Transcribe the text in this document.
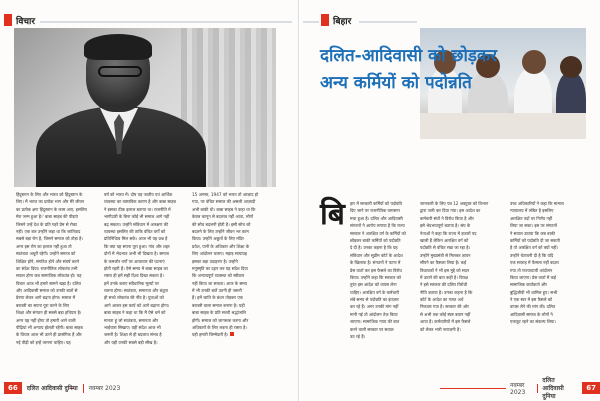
विचार
हिंदुस्तान के लिए और भारत को हिंदुस्तान के
लिए। मैं भारत का प्रत्येक भाग और मेरे जीवन
का प्रत्येक क्षण हिंदुस्तान के काम आए, इसलिए
मेरा जन्म हुआ है।' बाबा साहब की पीड़ाएं
जिसने उन्हें देश के प्रति गहरे प्रेम से रोका
नहीं। एक बार उन्होंने कहा था कि जातिवाद
सबसे बड़ा रोग है, जिसने समाज को तोड़ा है।
अगर इस रोग का इलाज नहीं हुआ तो
स्वतंत्रता अधूरी रहेगी। उन्होंने समाज को
शिक्षित होने, संगठित होने और संघर्ष करने
का संदेश दिया। राजनीतिक लोकतंत्र तभी
सफल होगा जब सामाजिक लोकतंत्र हो। यह
विचार आज भी हमारे सामने खड़ा है। दलित
और आदिवासी समाज को उनकी बातों से
प्रेरणा लेकर आगे बढ़ना होगा। समाज में
बराबरी का सपना पूरा करने के लिए
शिक्षा और संगठन ही सबसे बड़ा हथियार है।
अगर यह नहीं होगा तो हमारी आने वाली
पीढ़ियां भी अन्याय झेलती रहेंगी। बाबा साहब
के विचार आज भी उतने ही प्रासंगिक हैं और
नई पीढ़ी को इन्हें जानना चाहिए। यह
वर्ष को भारत में। दोष यह जातीय एवं आर्थिक
व्यवस्था का वास्तविक कारण है और बाबा साहब
ने इसका ठीक इलाज बताया था। राजनीति में
भागीदारी के बिना कोई भी समाज आगे नहीं
बढ़ सकता। उन्होंने संविधान में आरक्षण की
व्यवस्था इसलिए की ताकि वंचित वर्गों को
प्रतिनिधित्व मिल सके। आज भी यह प्रश्न है
कि क्या वह सपना पूरा हुआ। गांव और शहर
दोनों में भेदभाव अभी भी दिखता है। समाज
के कमजोर वर्गों पर अत्याचार की घटनाएं
होती रहती हैं। ऐसे समय में बाबा साहब का
रास्ता ही हमें सही दिशा दिखा सकता है।
हमें उनके बताए संवैधानिक मूल्यों पर
चलना होगा। स्वतंत्रता, समानता और बंधुता
ही सच्चे लोकतंत्र की नींव है। युवाओं को
आगे आकर इस कार्य को आगे बढ़ाना होगा।
बाबा साहब ने कहा था कि मैं ऐसे धर्म को
मानता हूं जो स्वतंत्रता, समानता और
भाईचारा सिखाए। यही संदेश आज भी
जरूरी है। शिक्षा से ही बदलाव संभव है
और यही उनकी सबसे बड़ी सीख है।
15 अगस्त, 1947 को भारत तो आज़ाद हो
गया, पर वंचित समाज की असली आज़ादी
अभी बाकी थी। बाबा साहब ने कहा था कि
केवल कानून से बदलाव नहीं आता, लोगों
की सोच बदलनी होती है। इसी सोच को
बदलने के लिए उन्होंने जीवन भर काम
किया। उन्होंने अछूतों के लिए मंदिर
प्रवेश, पानी के अधिकार और शिक्षा के
लिए आंदोलन चलाए। महाड़ सत्याग्रह
इसका बड़ा उदाहरण है। उन्होंने
मनुस्मृति का दहन कर यह संदेश दिया
कि अन्यायपूर्ण व्यवस्था को स्वीकार
नहीं किया जा सकता। आज के समय
में भी उनकी बातें उतनी ही जरूरी
हैं। हमें जाति के बंधन तोड़कर एक
बराबरी वाला समाज बनाना है। यही
बाबा साहब के प्रति सच्ची श्रद्धांजलि
होगी। समाज को जागरूक करना और
अधिकारों के लिए लड़ना ही रास्ता है।
यही हमारी जिम्मेदारी है।
66	दलित आदिवासी दुनिया नवम्बर 2023
बिहार
दलित-आदिवासी को छोड़कर
अन्य कर्मियों को पदोन्नति
बि हार में सरकारी कर्मियों को पदोन्नति
दिए जाने पर राजनीतिक घमासान
मचा हुआ है। दलित और आदिवासी
संगठनों ने आरोप लगाया है कि राज्य
सरकार ने आरक्षित वर्ग के कर्मियों को
छोड़कर बाकी कर्मियों को पदोन्नति
दे दी है। उनका कहना है कि यह
संविधान और सुप्रीम कोर्ट के आदेश
के खिलाफ है। संगठनों ने पटना में
प्रेस वार्ता कर इस फैसले का विरोध
किया। उन्होंने कहा कि सरकार को
तुरंत इस आदेश को वापस लेना
चाहिए। आरक्षित वर्ग के कर्मचारी
लंबे समय से पदोन्नति का इंतज़ार
कर रहे हैं। अगर उनकी मांग नहीं
मानी गई तो आंदोलन तेज़ किया
जाएगा। सामाजिक न्याय की बात
करने वाली सरकार पर सवाल
उठ रहे हैं।
जानकारी के लिए पत्र 12 अक्टूबर को विभाग
द्वारा जारी कर दिया गया। इस आदेश का
कर्मचारी संघों ने विरोध किया है और
इसे भेदभावपूर्ण बताया है। संघ के
नेताओं ने कहा कि राज्य में हजारों पद
खाली हैं लेकिन आरक्षित वर्ग को
पदोन्नति से वंचित रखा जा रहा है।
उन्होंने मुख्यमंत्री से मिलकर ज्ञापन
सौंपने का फैसला लिया है। कई
विधायकों ने भी इस मुद्दे को सदन
में उठाने की बात कही है। विपक्ष
ने इसे सरकार की दलित विरोधी
नीति बताया है। उनका कहना है कि
कोर्ट के आदेश का गलत अर्थ
निकाला गया है। सरकार की ओर
से अभी तक कोई स्पष्ट बयान नहीं
आया है। कर्मचारियों में इस फैसले
को लेकर भारी नाराज़गी है।
उच्च अधिकारियों ने कहा कि मामला
न्यायालय में लंबित है इसलिए
आरक्षित पदों पर निर्णय नहीं
लिया जा सका। इस पर संगठनों
ने सवाल उठाया कि जब बाकी
कर्मियों को पदोन्नति दी जा सकती
है तो आरक्षित वर्ग को क्यों नहीं।
उन्होंने चेतावनी दी है कि यदि
एक सप्ताह में फैसला नहीं बदला
गया तो राज्यव्यापी आंदोलन
किया जाएगा। प्रेस वार्ता में कई
सामाजिक कार्यकर्ता और
बुद्धिजीवी भी शामिल हुए। सभी
ने एक स्वर में इस फैसले को
वापस लेने की मांग की। दलित
आदिवासी समाज के लोगों ने
एकजुट रहने का संकल्प लिया।
नवम्बर 2023
दलित आदिवासी दुनिया
67
